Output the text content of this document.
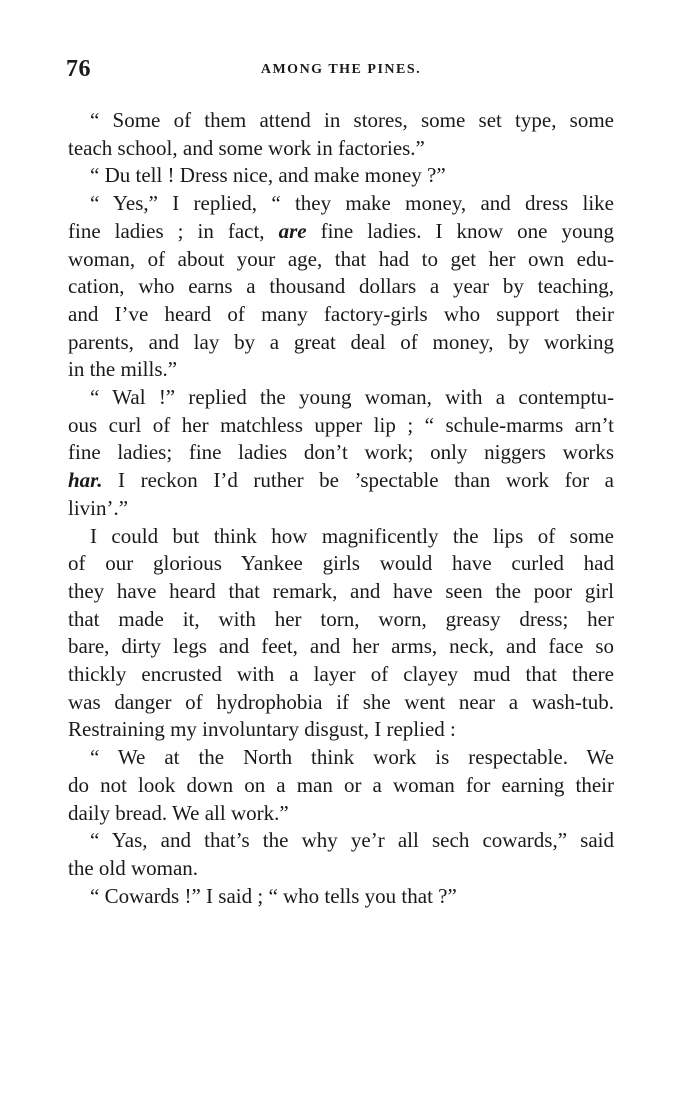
76	AMONG THE PINES.
“ Some of them attend in stores, some set type, some
teach school, and some work in factories.”
“ Du tell ! Dress nice, and make money ?”
“ Yes,” I replied, “ they make money, and dress like
fine ladies ; in fact, are fine ladies. I know one young
woman, of about your age, that had to get her own edu-
cation, who earns a thousand dollars a year by teaching,
and I’ve heard of many factory-girls who support their
parents, and lay by a great deal of money, by working
in the mills.”
“ Wal !” replied the young woman, with a contemptu-
ous curl of her matchless upper lip ; “ schule-marms arn’t
fine ladies; fine ladies don’t work; only niggers works
har. I reckon I’d ruther be ’spectable than work for a
livin’.”
I could but think how magnificently the lips of some
of our glorious Yankee girls would have curled had
they have heard that remark, and have seen the poor girl
that made it, with her torn, worn, greasy dress; her
bare, dirty legs and feet, and her arms, neck, and face so
thickly encrusted with a layer of clayey mud that there
was danger of hydrophobia if she went near a wash-tub.
Restraining my involuntary disgust, I replied :
“ We at the North think work is respectable. We
do not look down on a man or a woman for earning their
daily bread. We all work.”
“ Yas, and that’s the why ye’r all sech cowards,” said
the old woman.
“ Cowards !” I said ; “ who tells you that ?”
